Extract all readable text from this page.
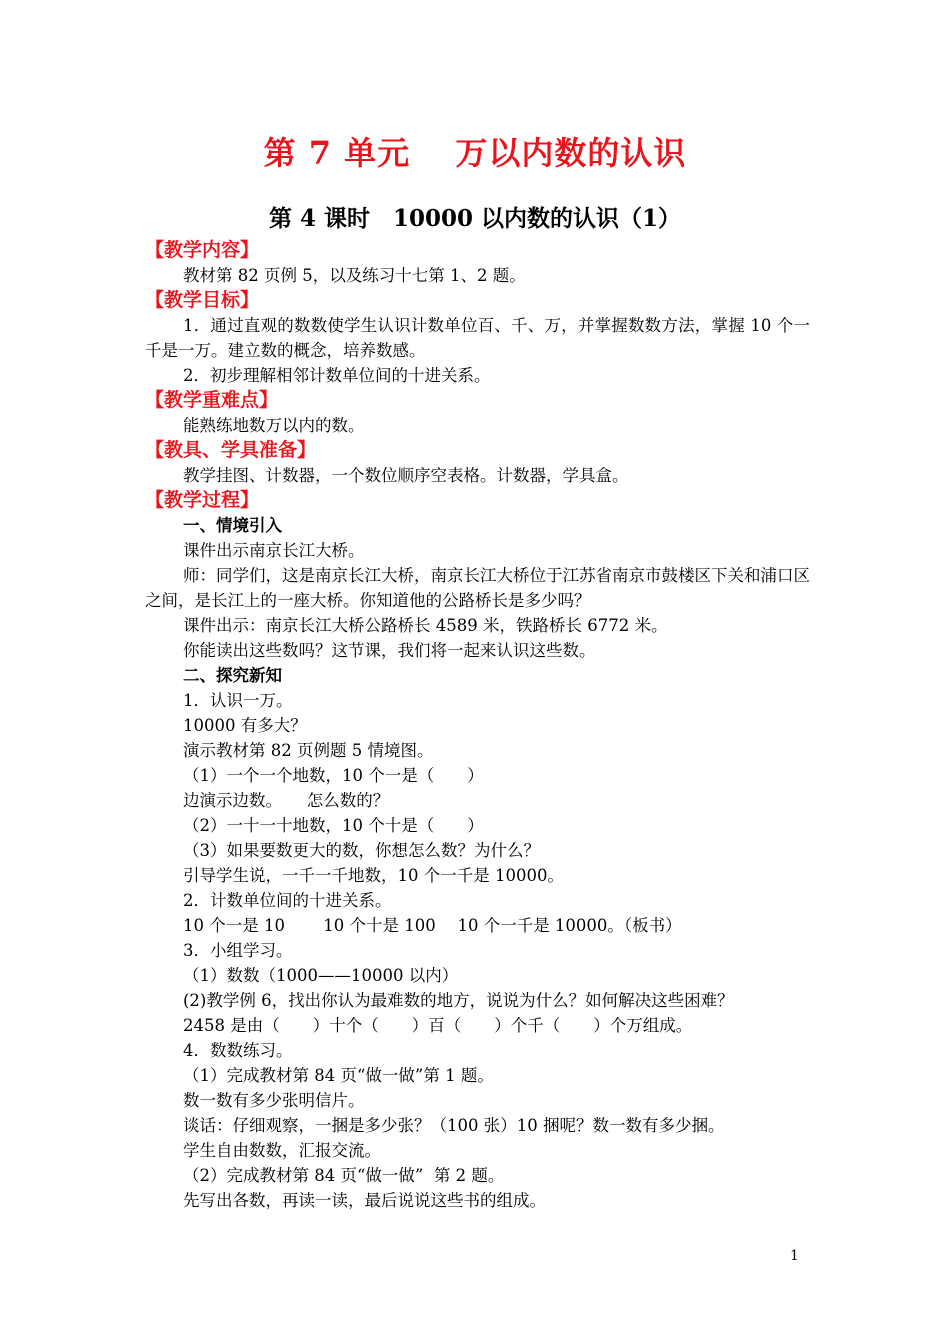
第 7 单元　 万以内数的认识
第 4 课时　10000 以内数的认识（1）

【教学内容】

教材第 82 页例 5，以及练习十七第 1、2 题。

【教学目标】

1．通过直观的数数使学生认识计数单位百、千、万，并掌握数数方法，掌握 10 个一千是一万。建立数的概念，培养数感。

2．初步理解相邻计数单位间的十进关系。

【教学重难点】

能熟练地数万以内的数。

【教具、学具准备】

教学挂图、计数器，一个数位顺序空表格。计数器，学具盒。

【教学过程】

一、情境引入

课件出示南京长江大桥。

师：同学们，这是南京长江大桥，南京长江大桥位于江苏省南京市鼓楼区下关和浦口区之间，是长江上的一座大桥。你知道他的公路桥长是多少吗？

课件出示：南京长江大桥公路桥长 4589 米，铁路桥长 6772 米。

你能读出这些数吗？这节课，我们将一起来认识这些数。

二、探究新知

1．认识一万。

10000 有多大？

演示教材第 82 页例题 5 情境图。

（1）一个一个地数，10 个一是（　　）

边演示边数。　　怎么数的？

（2）一十一十地数，10 个十是（　　）

（3）如果要数更大的数，你想怎么数？为什么？

引导学生说，一千一千地数，10 个一千是 10000。

2．计数单位间的十进关系。

10 个一是 10　　 10 个十是 100　 10 个一千是 10000。（板书）

3．小组学习。

（1）数数（1000——10000 以内）

(2)教学例 6，找出你认为最难数的地方，说说为什么？如何解决这些困难？

2458 是由（　　）十个（　　）百（　　）个千（　　）个万组成。

4．数数练习。

（1）完成教材第 84 页“做一做”第 1 题。

数一数有多少张明信片。

谈话：仔细观察，一捆是多少张？（100 张）10 捆呢？数一数有多少捆。

学生自由数数，汇报交流。

（2）完成教材第 84 页“做一做”  第 2 题。

先写出各数，再读一读，最后说说这些书的组成。

1
